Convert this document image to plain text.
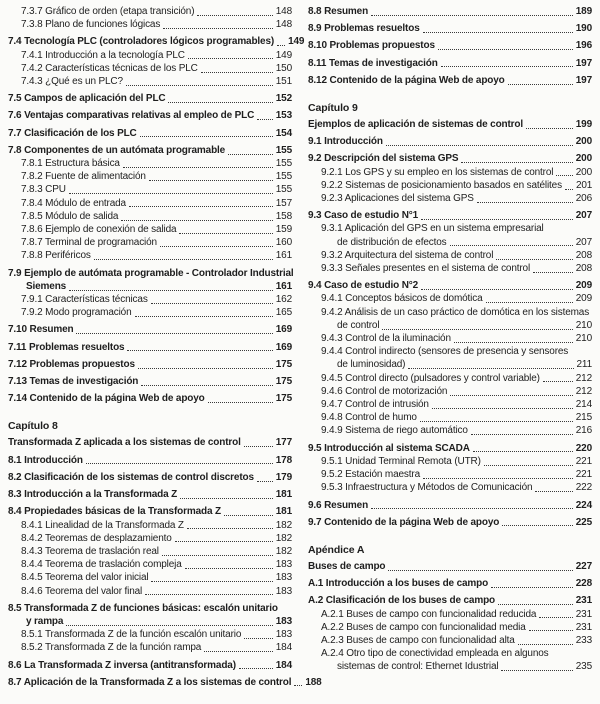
7.3.7 Gráfico de orden (etapa transición)	148
7.3.8 Plano de funciones lógicas	148
7.4 Tecnología PLC (controladores lógicos programables) 149
7.4.1 Introducción a la tecnología PLC	149
7.4.2 Características técnicas de los PLC	150
7.4.3 ¿Qué es un PLC?	151
7.5 Campos de aplicación del PLC	152
7.6 Ventajas comparativas relativas al empleo de PLC 153
7.7 Clasificación de los PLC	154
7.8 Componentes de un autómata programable	155
7.8.1 Estructura básica	155
7.8.2 Fuente de alimentación	155
7.8.3 CPU	155
7.8.4 Módulo de entrada	157
7.8.5 Módulo de salida	158
7.8.6 Ejemplo de conexión de salida	159
7.8.7 Terminal de programación	160
7.8.8 Periféricos	161
7.9 Ejemplo de autómata programable - Controlador Industrial
Siemens	161
7.9.1 Características técnicas	162
7.9.2 Modo programación	165
7.10 Resumen	169
7.11 Problemas resueltos	169
7.12 Problemas propuestos	175
7.13 Temas de investigación	175
7.14 Contenido de la página Web de apoyo	175
Capítulo 8
Transformada Z aplicada a los sistemas de control	177
8.1 Introducción	178
8.2 Clasificación de los sistemas de control discretos 179
8.3 Introducción a la Transformada Z	181
8.4 Propiedades básicas de la Transformada Z	181
8.4.1 Linealidad de la Transformada Z	182
8.4.2 Teoremas de desplazamiento	182
8.4.3 Teorema de traslación real	182
8.4.4 Teorema de traslación compleja	183
8.4.5 Teorema del valor inicial	183
8.4.6 Teorema del valor final	183
8.5 Transformada Z de funciones básicas: escalón unitario
y rampa	183
8.5.1 Transformada Z de la función escalón unitario	183
8.5.2 Transformada Z de la función rampa	184
8.6 La Transformada Z inversa (antitransformada)	184
8.7 Aplicación de la Transformada Z a los sistemas de control 188
8.8 Resumen	189
8.9 Problemas resueltos	190
8.10 Problemas propuestos	196
8.11 Temas de investigación	197
8.12 Contenido de la página Web de apoyo	197
Capítulo 9
Ejemplos de aplicación de sistemas de control	199
9.1 Introducción	200
9.2 Descripción del sistema GPS	200
9.2.1 Los GPS y su empleo en los sistemas de control 200
9.2.2 Sistemas de posicionamiento basados en satélites 201
9.2.3 Aplicaciones del sistema GPS	206
9.3 Caso de estudio N°1	207
9.3.1 Aplicación del GPS en un sistema empresarial
de distribución de efectos	207
9.3.2 Arquitectura del sistema de control	208
9.3.3 Señales presentes en el sistema de control	208
9.4 Caso de estudio N°2	209
9.4.1 Conceptos básicos de domótica	209
9.4.2 Análisis de un caso práctico de domótica en los sistemas
de control	210
9.4.3 Control de la iluminación	210
9.4.4 Control indirecto (sensores de presencia y sensores
de luminosidad)	211
9.4.5 Control directo (pulsadores y control variable)	212
9.4.6 Control de motorización	212
9.4.7 Control de intrusión	214
9.4.8 Control de humo	215
9.4.9 Sistema de riego automático	216
9.5 Introducción al sistema SCADA	220
9.5.1 Unidad Terminal Remota (UTR)	221
9.5.2 Estación maestra	221
9.5.3 Infraestructura y Métodos de Comunicación	222
9.6 Resumen	224
9.7 Contenido de la página Web de apoyo	225
Apéndice A
Buses de campo	227
A.1 Introducción a los buses de campo	228
A.2 Clasificación de los buses de campo	231
A.2.1 Buses de campo con funcionalidad reducida	231
A.2.2 Buses de campo con funcionalidad media	231
A.2.3 Buses de campo con funcionalidad alta	233
A.2.4 Otro tipo de conectividad empleada en algunos
sistemas de control: Ethernet Idustrial	235
